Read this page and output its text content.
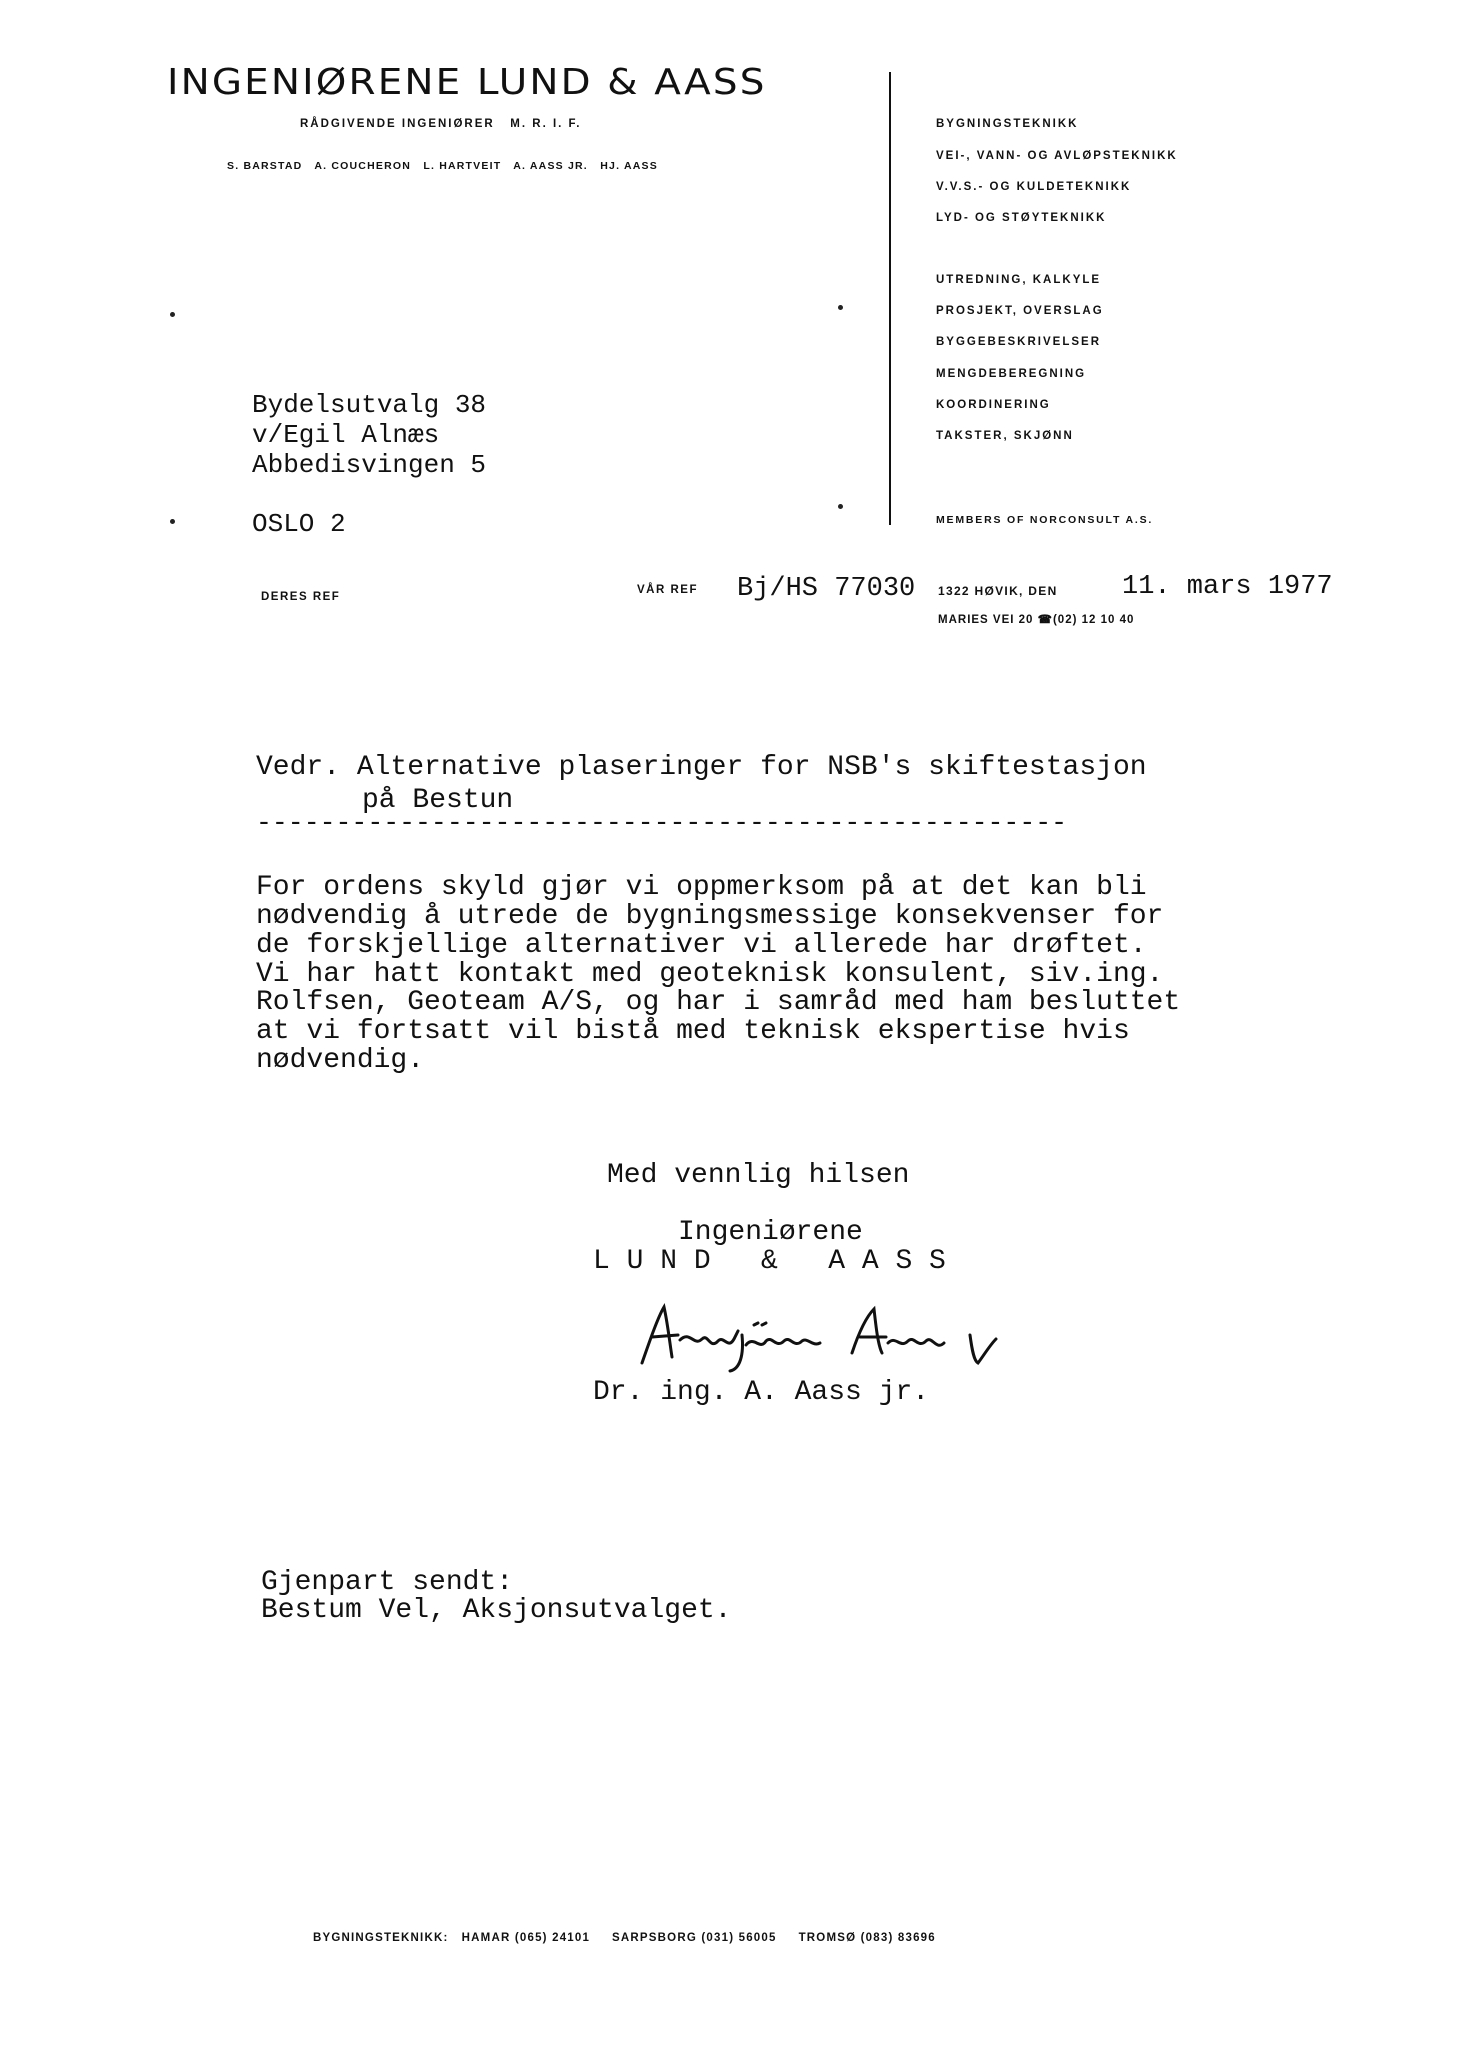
INGENIØRENE LUND & AASS
RÅDGIVENDE INGENIØRER   M. R. I. F.
S. BARSTAD   A. COUCHERON   L. HARTVEIT   A. AASS JR.   HJ. AASS
BYGNINGSTEKNIKK
VEI-, VANN- OG AVLØPSTEKNIKK
V.V.S.- OG KULDETEKNIKK
LYD- OG STØYTEKNIKK
UTREDNING, KALKYLE
PROSJEKT, OVERSLAG
BYGGEBESKRIVELSER
MENGDEBEREGNING
KOORDINERING
TAKSTER, SKJØNN
MEMBERS OF NORCONSULT A.S.
Bydelsutvalg 38
v/Egil Alnæs
Abbedisvingen 5
OSLO 2
DERES REF
VÅR REF Bj/HS 77030 1322 HØVIK, DEN 11. mars 1977
MARIES VEI 20 ☎(02) 12 10 40
Vedr. Alternative plaseringer for NSB's skiftestasjon
på Bestun
---------------------------------------------------
For ordens skyld gjør vi oppmerksom på at det kan bli
nødvendig å utrede de bygningsmessige konsekvenser for
de forskjellige alternativer vi allerede har drøftet.
Vi har hatt kontakt med geoteknisk konsulent, siv.ing.
Rolfsen, Geoteam A/S, og har i samråd med ham besluttet
at vi fortsatt vil bistå med teknisk ekspertise hvis
nødvendig.
Med vennlig hilsen
Ingeniørene
L U N D   &   A A S S
Dr. ing. A. Aass jr.
Gjenpart sendt:
Bestum Vel, Aksjonsutvalget.
BYGNINGSTEKNIKK:   HAMAR (065) 24101     SARPSBORG (031) 56005     TROMSØ (083) 83696
